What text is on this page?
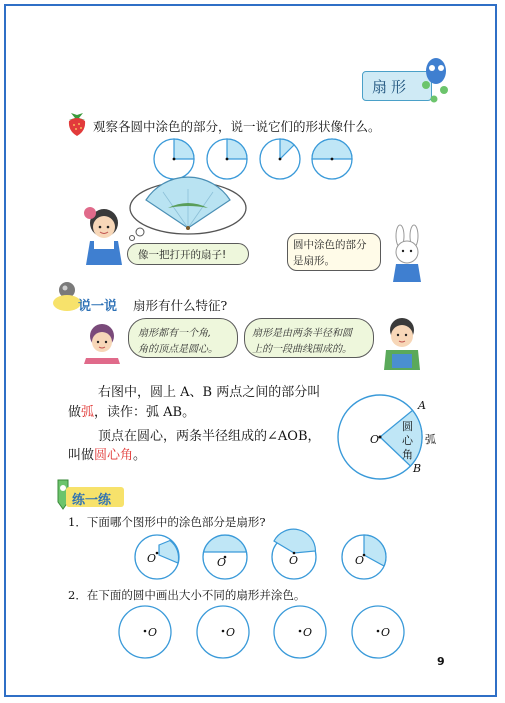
扇形
观察各圆中涂色的部分，说一说它们的形状像什么。
像一把打开的扇子!
圆中涂色的部分
是扇形。
说一说 扇形有什么特征?
扇形都有一个角,
角的顶点是圆心。
扇形是由两条半径和圆
上的一段曲线围成的。
右图中，圆上 A、B 两点之间的部分叫
做弧，读作：弧 AB。
顶点在圆心，两条半径组成的∠AOB，
叫做圆心角。
A
B
O	弧
圆
心
角
练一练
1．下面哪个图形中的涂色部分是扇形?
O	O	O	O
2．在下面的圆中画出大小不同的扇形并涂色。
O	O	O	O
9
